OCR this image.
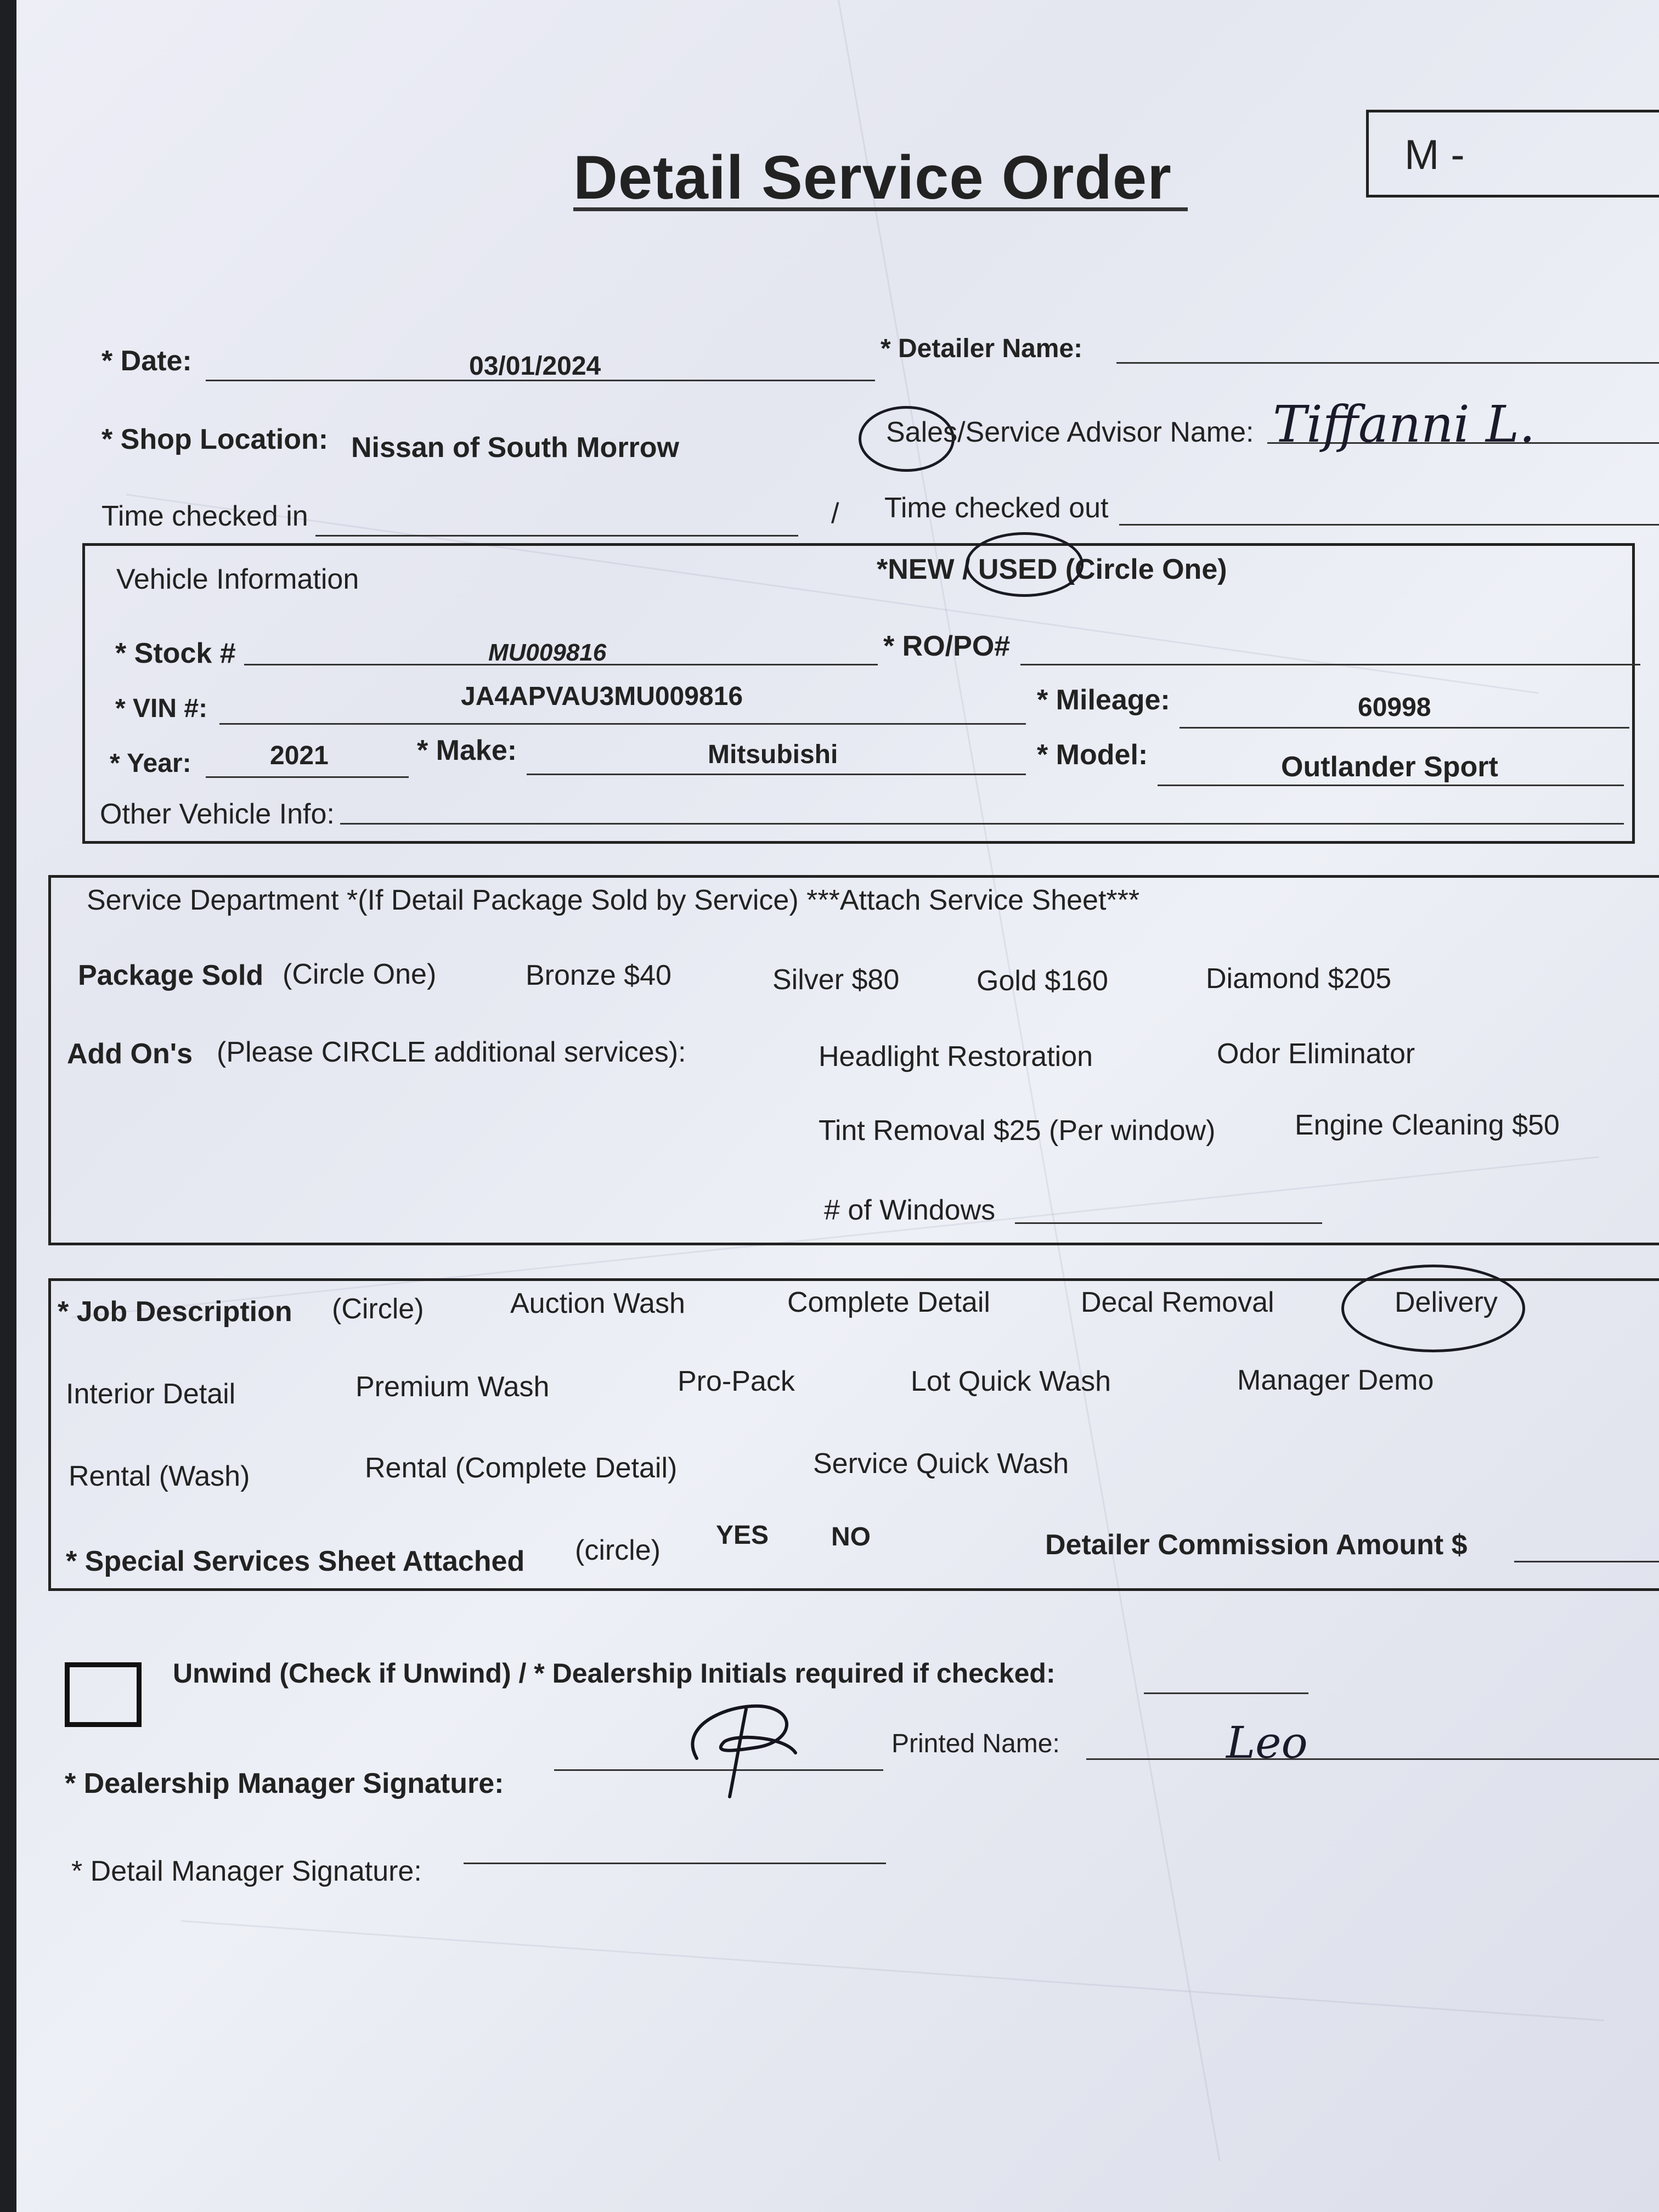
Detail Service Order	M -
* Date:	03/01/2024
* Detailer Name:
* Shop Location: Nissan of South Morrow	Sales/Service Advisor Name: Tiffanni L.
Time checked in	/ Time checked out
Vehicle Information	*NEW / USED (Circle One)
* Stock #	MU009816	* RO/PO#
* VIN #:	JA4APVAU3MU009816	* Mileage:	60998
* Year:	2021	* Make:	Mitsubishi	* Model:	Outlander Sport
Other Vehicle Info:
Service Department *(If Detail Package Sold by Service) ***Attach Service Sheet***
Package Sold (Circle One)	Bronze $40	Silver $80	Gold $160	Diamond $205
Add On's (Please CIRCLE additional services):	Headlight Restoration	Odor Eliminator
Tint Removal $25 (Per window)	Engine Cleaning $50
# of Windows
* Job Description (Circle)	Auction Wash	Complete Detail	Decal Removal	Delivery
Interior Detail	Premium Wash	Pro-Pack	Lot Quick Wash	Manager Demo
Rental (Wash)	Rental (Complete Detail)	Service Quick Wash
* Special Services Sheet Attached (circle) YES NO	Detailer Commission Amount $
Unwind (Check if Unwind) / * Dealership Initials required if checked:
* Dealership Manager Signature:
Printed Name:	Leo
* Detail Manager Signature:
